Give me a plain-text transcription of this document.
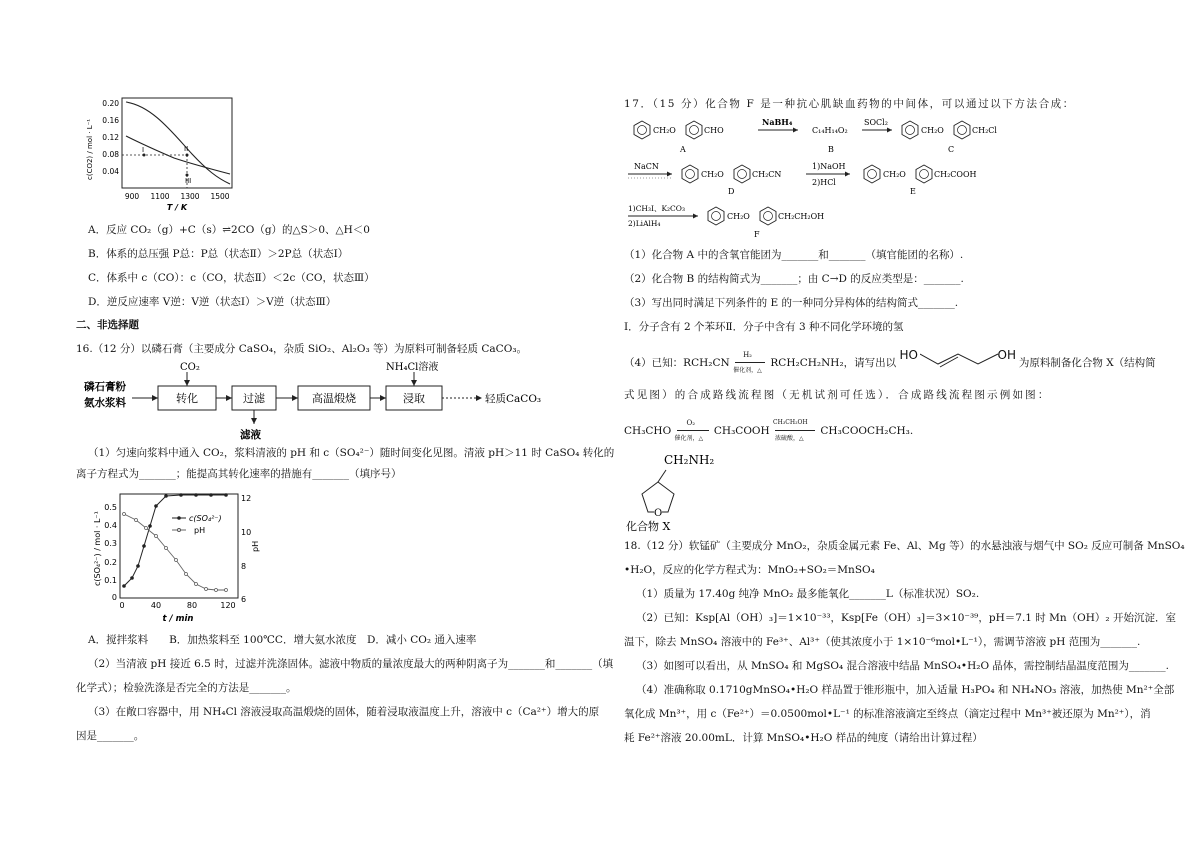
0.20
0.16
0.12
0.08
0.04
900 1100 1300 1500
T / K
c(CO2) / mol · L⁻¹	I	II
III
A．反应 CO₂（g）+C（s）⇌2CO（g）的△S＞0、△H＜0
B．体系的总压强 P总：P总（状态Ⅱ）＞2P总（状态Ⅰ）
C．体系中 c（CO）：c（CO，状态Ⅱ）＜2c（CO，状态Ⅲ）
D．逆反应速率 V逆：V逆（状态Ⅰ）＞V逆（状态Ⅲ）
二、非选择题
16.（12 分）以磷石膏（主要成分 CaSO₄，杂质 SiO₂、Al₂O₃ 等）为原料可制备轻质 CaCO₃。
磷石膏粉
氨水浆料	转化
CO₂
过滤
滤液
高温煅烧	浸取
NH₄Cl溶液
轻质CaCO₃
（1）匀速向浆料中通入 CO₂，浆料清液的 pH 和 c（SO₄²⁻）随时间变化见图。清液 pH＞11 时 CaSO₄ 转化的
离子方程式为_______；能提高其转化速率的措施有_______（填序号）
0.5
0.4
0.3
0.2
0.1
0
12
10
8
6
0	40	80	120
t / min
c(SO₄²⁻) / mol · L⁻¹	pH
c(SO₄²⁻)
pH
A．搅拌浆料　　B．加热浆料至 100℃C．增大氨水浓度　D．减小 CO₂ 通入速率
（2）当清液 pH 接近 6.5 时，过滤并洗涤固体。滤液中物质的量浓度最大的两种阴离子为_______和_______（填
化学式）；检验洗涤是否完全的方法是_______。
（3）在敞口容器中，用 NH₄Cl 溶液浸取高温煅烧的固体，随着浸取液温度上升，溶液中 c（Ca²⁺）增大的原
因是_______。
17．（15 分）化合物 F 是一种抗心肌缺血药物的中间体，可以通过以下方法合成：
CH₂O	CHO
A
NaBH₄
C₁₄H₁₄O₂
B
SOCl₂
CH₂O	CH₂Cl
C
NaCN
CH₂O	CH₂CN
D
1)NaOH
2)HCl
CH₂O	CH₂COOH
E
1)CH₃I、K₂CO₃
2)LiAlH₄
CH₂O	CH₂CH₂OH
F
（1）化合物 A 中的含氧官能团为_______和_______（填官能团的名称）.
（2）化合物 B 的结构简式为_______；由 C→D 的反应类型是：_______.
（3）写出同时满足下列条件的 E 的一种同分异构体的结构简式_______.
Ⅰ．分子含有 2 个苯环Ⅱ．分子中含有 3 种不同化学环境的氢
（4）已知：RCH₂CN
H₂
催化剂，△
RCH₂CH₂NH₂，请写出以
HO	OH
为原料制备化合物 X（结构简
式见图）的合成路线流程图（无机试剂可任选）．合成路线流程图示例如图：
CH₃CHO
O₂
催化剂，△
CH₃COOH
CH₃CH₂OH
浓硫酸，△
CH₃COOCH₂CH₃.
CH₂NH₂
O
化合物 X
18.（12 分）软锰矿（主要成分 MnO₂，杂质金属元素 Fe、Al、Mg 等）的水悬浊液与烟气中 SO₂ 反应可制备 MnSO₄
•H₂O，反应的化学方程式为：MnO₂+SO₂＝MnSO₄
（1）质量为 17.40g 纯净 MnO₂ 最多能氧化_______L（标准状况）SO₂.
（2）已知：Ksp[Al（OH）₃]＝1×10⁻³³，Ksp[Fe（OH）₃]＝3×10⁻³⁹，pH＝7.1 时 Mn（OH）₂ 开始沉淀．室
温下，除去 MnSO₄ 溶液中的 Fe³⁺、Al³⁺（使其浓度小于 1×10⁻⁶mol•L⁻¹），需调节溶液 pH 范围为_______.
（3）如图可以看出，从 MnSO₄ 和 MgSO₄ 混合溶液中结晶 MnSO₄•H₂O 晶体，需控制结晶温度范围为_______.
（4）准确称取 0.1710gMnSO₄•H₂O 样品置于锥形瓶中，加入适量 H₃PO₄ 和 NH₄NO₃ 溶液，加热使 Mn²⁺全部
氧化成 Mn³⁺，用 c（Fe²⁺）＝0.0500mol•L⁻¹ 的标准溶液滴定至终点（滴定过程中 Mn³⁺被还原为 Mn²⁺），消
耗 Fe²⁺溶液 20.00mL．计算 MnSO₄•H₂O 样品的纯度（请给出计算过程）
